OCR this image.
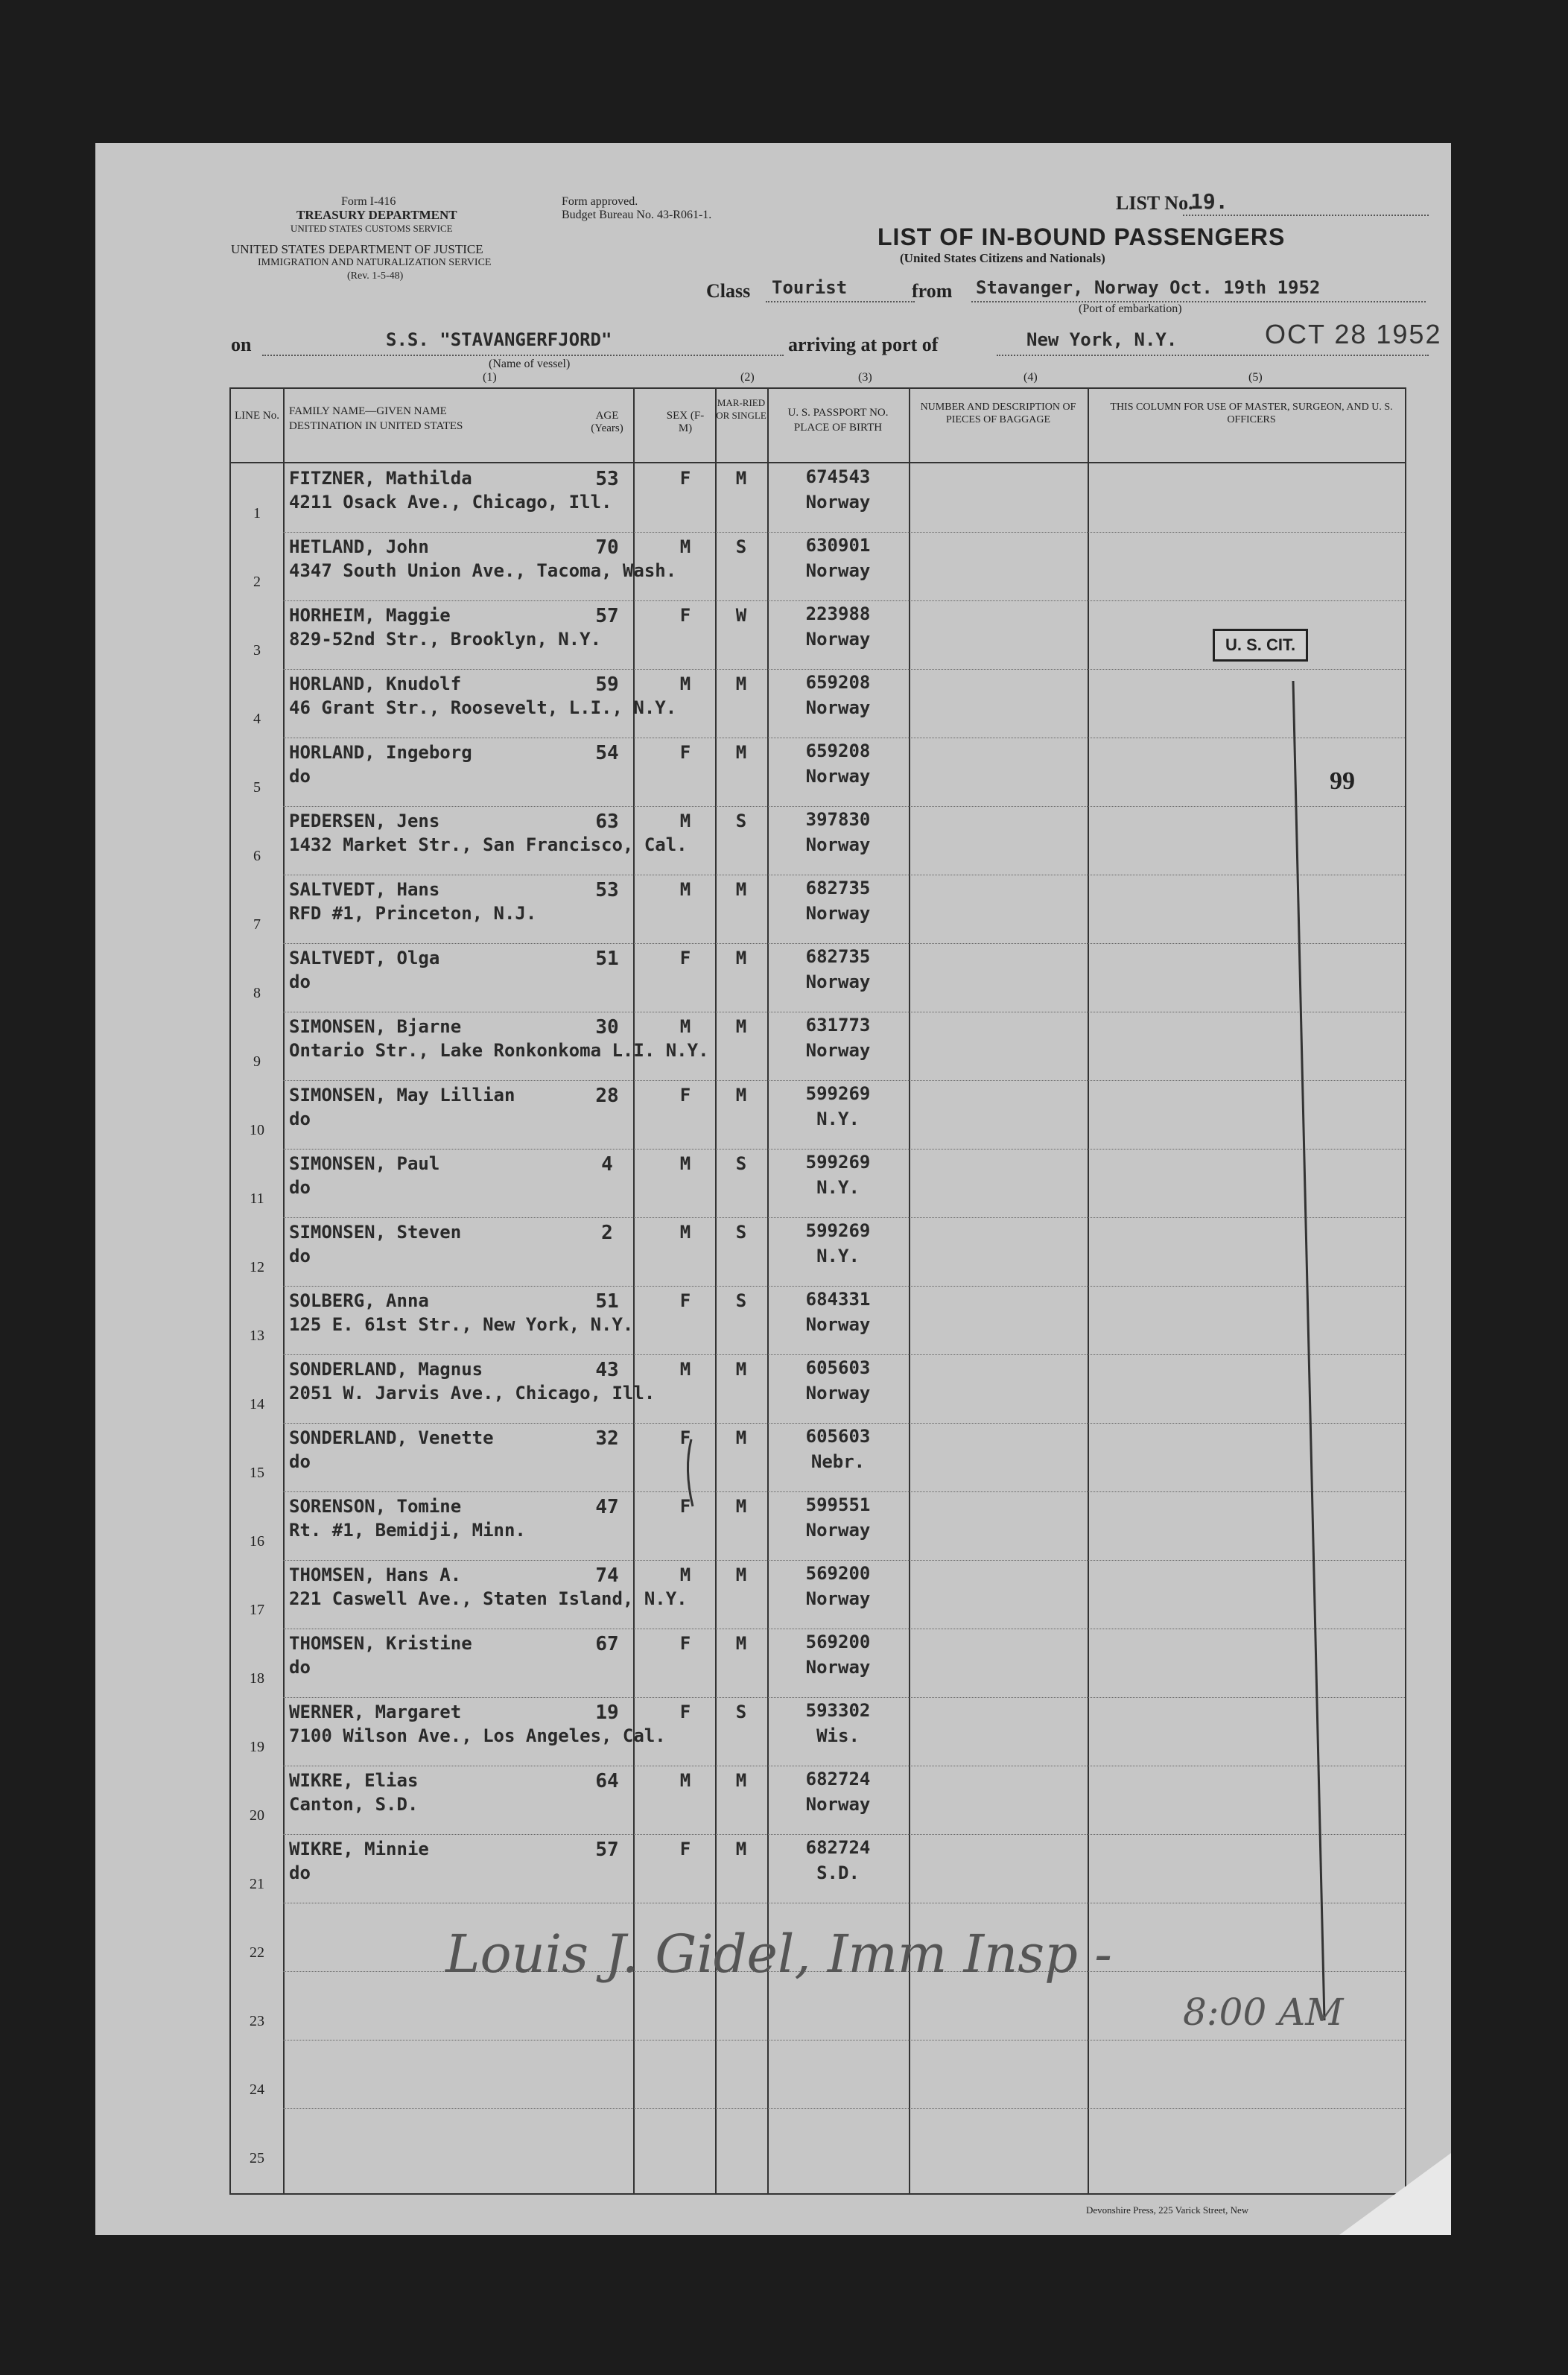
Form I-416
TREASURY DEPARTMENT
UNITED STATES CUSTOMS SERVICE
UNITED STATES DEPARTMENT OF JUSTICE
IMMIGRATION AND NATURALIZATION SERVICE
(Rev. 1-5-48)
Form approved.
Budget Bureau No. 43-R061-1.
LIST No.
19.
LIST OF IN-BOUND PASSENGERS
(United States Citizens and Nationals)
Class Tourist	from Stavanger, Norway Oct. 19th 1952
(Port of embarkation)
on	S.S. "STAVANGERFJORD"
(Name of vessel)
arriving at port of	New York, N.Y.	OCT 28 1952
(1)	(2)	(3)	(4)	(5)
LINE No. FAMILY NAME—GIVEN NAME
DESTINATION IN UNITED STATES
AGE (Years)
SEX (F-M)
MAR-RIED OR SINGLE	U. S. PASSPORT NO.
PLACE OF BIRTH
NUMBER AND DESCRIPTION OF PIECES OF BAGGAGE
THIS COLUMN FOR USE OF MASTER, SURGEON, AND U. S. OFFICERS
1
FITZNER, Mathilda
4211 Osack Ave., Chicago, Ill.
53	F	M	674543
Norway
2
HETLAND, John
4347 South Union Ave., Tacoma, Wash.
70	M	S	630901
Norway
3
HORHEIM, Maggie
829-52nd Str., Brooklyn, N.Y.
57	F	W	223988
Norway
4
HORLAND, Knudolf
46 Grant Str., Roosevelt, L.I., N.Y.
59	M	M	659208
Norway
5
HORLAND, Ingeborg
do
54	F	M	659208
Norway
6
PEDERSEN, Jens
1432 Market Str., San Francisco, Cal.
63	M	S	397830
Norway
7
SALTVEDT, Hans
RFD #1, Princeton, N.J.
53	M	M	682735
Norway
8
SALTVEDT, Olga
do
51	F	M	682735
Norway
9
SIMONSEN, Bjarne
Ontario Str., Lake Ronkonkoma L.I. N.Y.
30	M	M	631773
Norway
10
SIMONSEN, May Lillian
do
28	F	M	599269
N.Y.
11
SIMONSEN, Paul
do
4	M	S	599269
N.Y.
12
SIMONSEN, Steven
do
2	M	S	599269
N.Y.
13
SOLBERG, Anna
125 E. 61st Str., New York, N.Y.
51	F	S	684331
Norway
14
SONDERLAND, Magnus
2051 W. Jarvis Ave., Chicago, Ill.
43	M	M	605603
Norway
15
SONDERLAND, Venette
do
32	F	M	605603
Nebr.
16
SORENSON, Tomine
Rt. #1, Bemidji, Minn.
47	F	M	599551
Norway
17
THOMSEN, Hans A.
221 Caswell Ave., Staten Island, N.Y.
74	M	M	569200
Norway
18
THOMSEN, Kristine
do
67	F	M	569200
Norway
19
WERNER, Margaret
7100 Wilson Ave., Los Angeles, Cal.
19	F	S	593302
Wis.
20
WIKRE, Elias
Canton, S.D.
64	M	M	682724
Norway
21
WIKRE, Minnie
do
57	F	M	682724
S.D.
22
23
24
25
U. S. CIT.
99
Louis J. Gidel, Imm Insp -
8:00 AM
Devonshire Press, 225 Varick Street, New
